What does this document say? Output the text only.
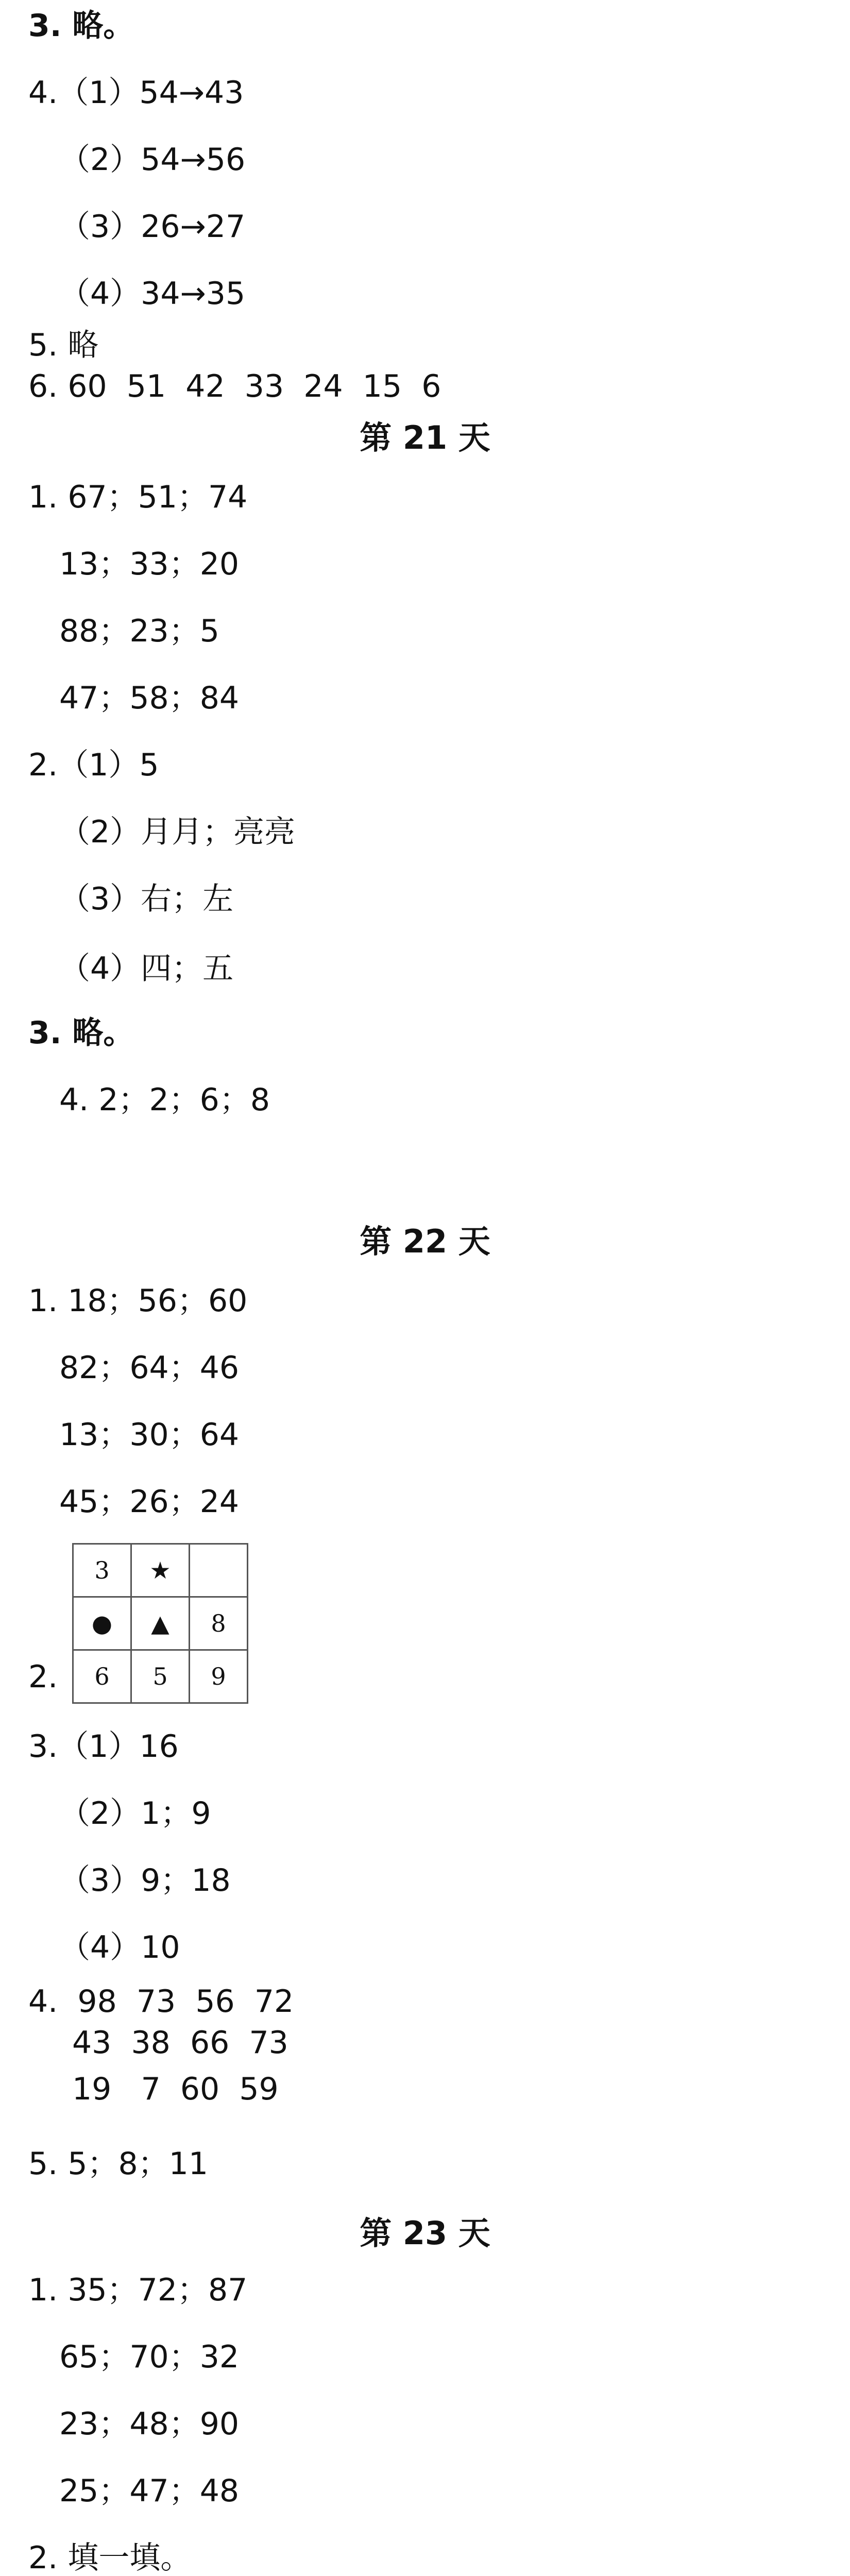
3. 略。
4.（1）54→43
（2）54→56
（3）26→27
（4）34→35
5. 略
6. 60  51  42  33  24  15  6
第 21 天
1. 67；51；74
13；33；20
88；23；5
47；58；84
2.（1）5
（2）月月；亮亮
（3）右；左
（4）四；五
3. 略。
4. 2；2；6；8
第 22 天
1. 18；56；60
82；64；46
13；30；64
45；26；24
3	★	
●	▲	8
6	5	9
2.
3.（1）16
（2）1；9
（3）9；18
（4）10
4.  98  73  56  72
43  38  66  73
19   7  60  59
5. 5；8；11
第 23 天
1. 35；72；87
65；70；32
23；48；90
25；47；48
2. 填一填。
